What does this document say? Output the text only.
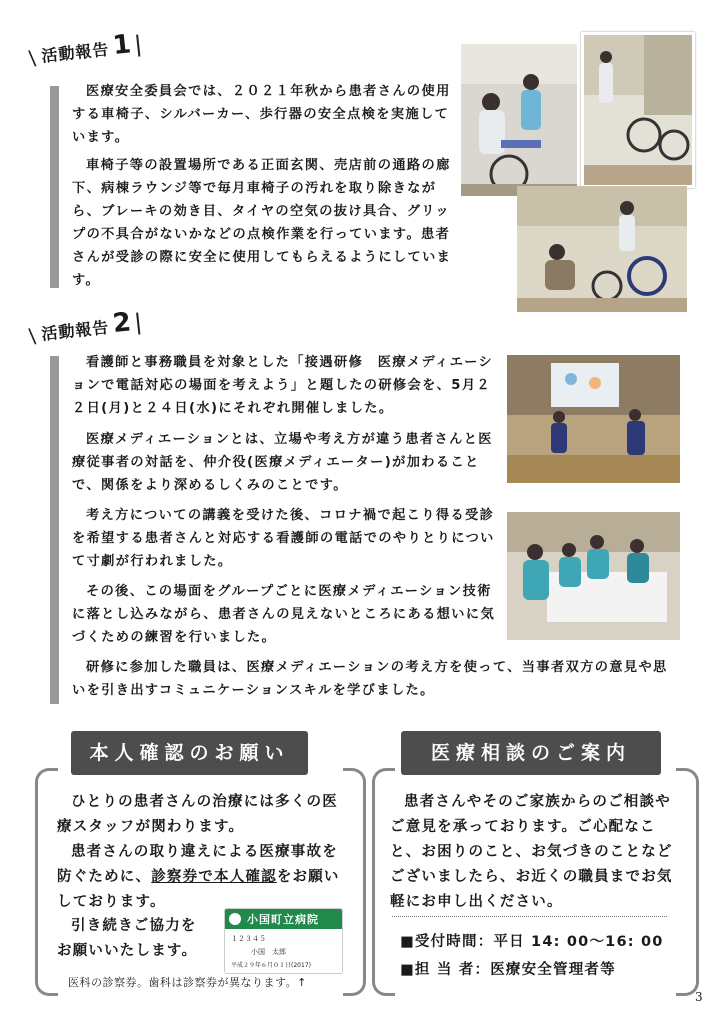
\ 活動報告 1
医療安全委員会では、２０２１年秋から患者さんの使用する車椅子、シルバーカー、歩行器の安全点検を実施しています。
車椅子等の設置場所である正面玄関、売店前の通路の廊下、病棟ラウンジ等で毎月車椅子の汚れを取り除きながら、ブレーキの効き目、タイヤの空気の抜け具合、グリップの不具合がないかなどの点検作業を行っています。患者さんが受診の際に安全に使用してもらえるようにしています。
\ 活動報告 2
看護師と事務職員を対象とした「接遇研修　医療メディエーションで電話対応の場面を考えよう」と題したの研修会を、5月２２日(月)と２４日(水)にそれぞれ開催しました。
医療メディエーションとは、立場や考え方が違う患者さんと医療従事者の対話を、仲介役(医療メディエーター)が加わることで、関係をより深めるしくみのことです。
考え方についての講義を受けた後、コロナ禍で起こり得る受診を希望する患者さんと対応する看護師の電話でのやりとりについて寸劇が行われました。
その後、この場面をグループごとに医療メディエーション技術に落とし込みながら、患者さんの見えないところにある想いに気づくための練習を行いました。
研修に参加した職員は、医療メディエーションの考え方を使って、当事者双方の意見や思いを引き出すコミュニケーションスキルを学びました。
本人確認のお願い
ひとりの患者さんの治療には多くの医療スタッフが関わります。
患者さんの取り違えによる医療事故を防ぐために、診察券で本人確認をお願いしております。
引き続きご協力を
お願いいたします。
小国町立病院
１２３４５
小国　太郎
平成２９年６月０１日(2017)
医科の診察券。歯科は診察券が異なります。↑
医療相談のご案内
患者さんやそのご家族からのご相談やご意見を承っております。ご心配なこと、お困りのこと、お気づきのことなどございましたら、お近くの職員までお気軽にお申し出ください。
■受付時間：平日 14: 00〜16: 00
■担 当 者：医療安全管理者等
3
